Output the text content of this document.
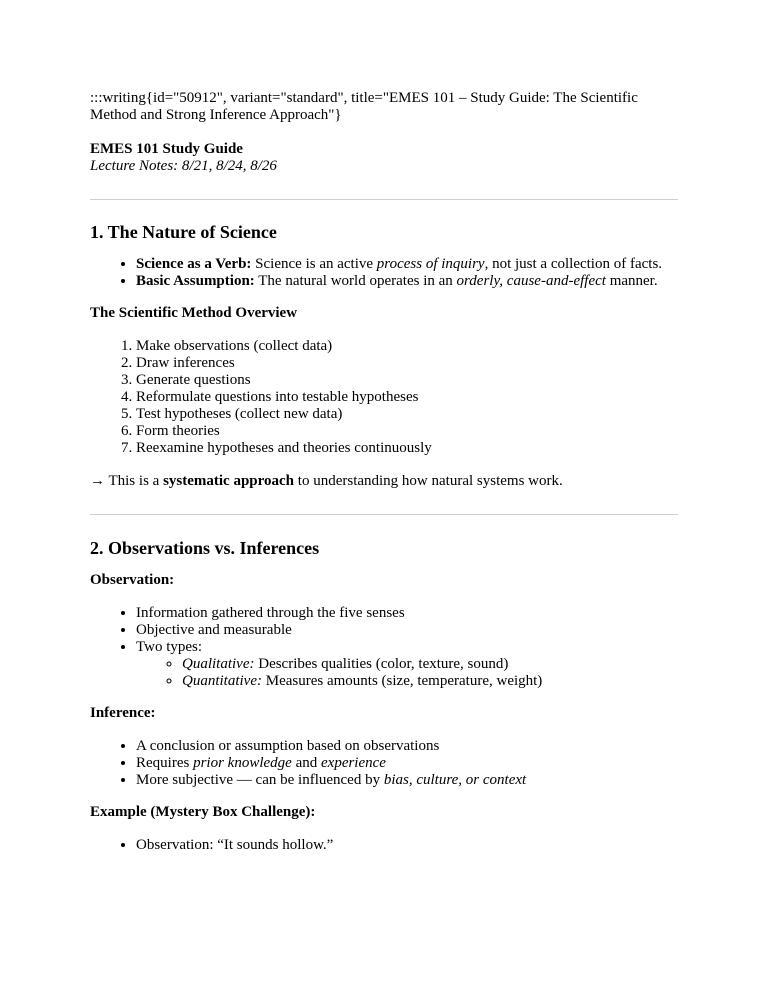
:::writing{id="50912", variant="standard", title="EMES 101 – Study Guide: The Scientific Method and Strong Inference Approach"}

EMES 101 Study Guide

Lecture Notes: 8/21, 8/24, 8/26

1. The Nature of Science
• Science as a Verb: Science is an active process of inquiry, not just a collection of facts.
• Basic Assumption: The natural world operates in an orderly, cause-and-effect manner.

The Scientific Method Overview

1. Make observations (collect data)
2. Draw inferences
3. Generate questions
4. Reformulate questions into testable hypotheses
5. Test hypotheses (collect new data)
6. Form theories
7. Reexamine hypotheses and theories continuously

→ This is a systematic approach to understanding how natural systems work.

2. Observations vs. Inferences

Observation:

• Information gathered through the five senses
• Objective and measurable
• Two types:
◦ Qualitative: Describes qualities (color, texture, sound)
◦ Quantitative: Measures amounts (size, temperature, weight)

Inference:

• A conclusion or assumption based on observations
• Requires prior knowledge and experience
• More subjective — can be influenced by bias, culture, or context

Example (Mystery Box Challenge):

• Observation: “It sounds hollow.”
